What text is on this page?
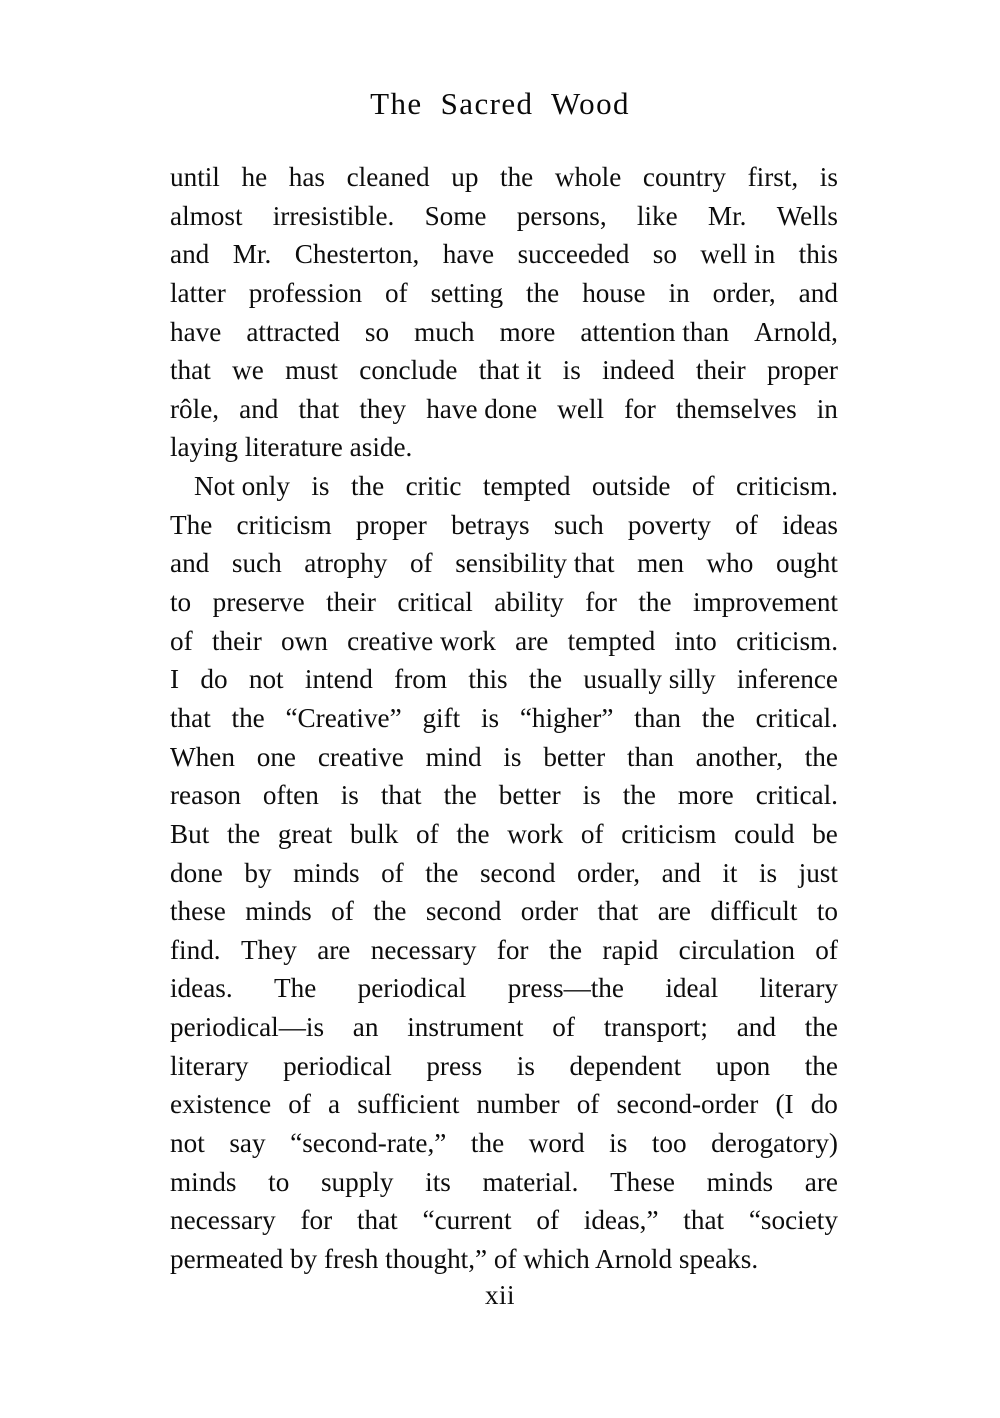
The Sacred Wood
until he has cleaned up the whole country first, is
almost irresistible. Some persons, like Mr. Wells
and Mr. Chesterton, have succeeded so well in this
latter profession of setting the house in order, and
have attracted so much more attention than Arnold,
that we must conclude that it is indeed their proper
rôle, and that they have done well for themselves in
laying literature aside.
Not only is the critic tempted outside of criticism.
The criticism proper betrays such poverty of ideas
and such atrophy of sensibility that men who ought
to preserve their critical ability for the improvement
of their own creative work are tempted into criticism.
I do not intend from this the usually silly inference
that the “Creative” gift is “higher” than the critical.
When one creative mind is better than another, the
reason often is that the better is the more critical.
But the great bulk of the work of criticism could be
done by minds of the second order, and it is just
these minds of the second order that are difficult to
find. They are necessary for the rapid circulation of
ideas. The periodical press—the ideal literary
periodical—is an instrument of transport; and the
literary periodical press is dependent upon the
existence of a sufficient number of second-order (I do
not say “second-rate,” the word is too derogatory)
minds to supply its material. These minds are
necessary for that “current of ideas,” that “society
permeated by fresh thought,” of which Arnold speaks.
xii
